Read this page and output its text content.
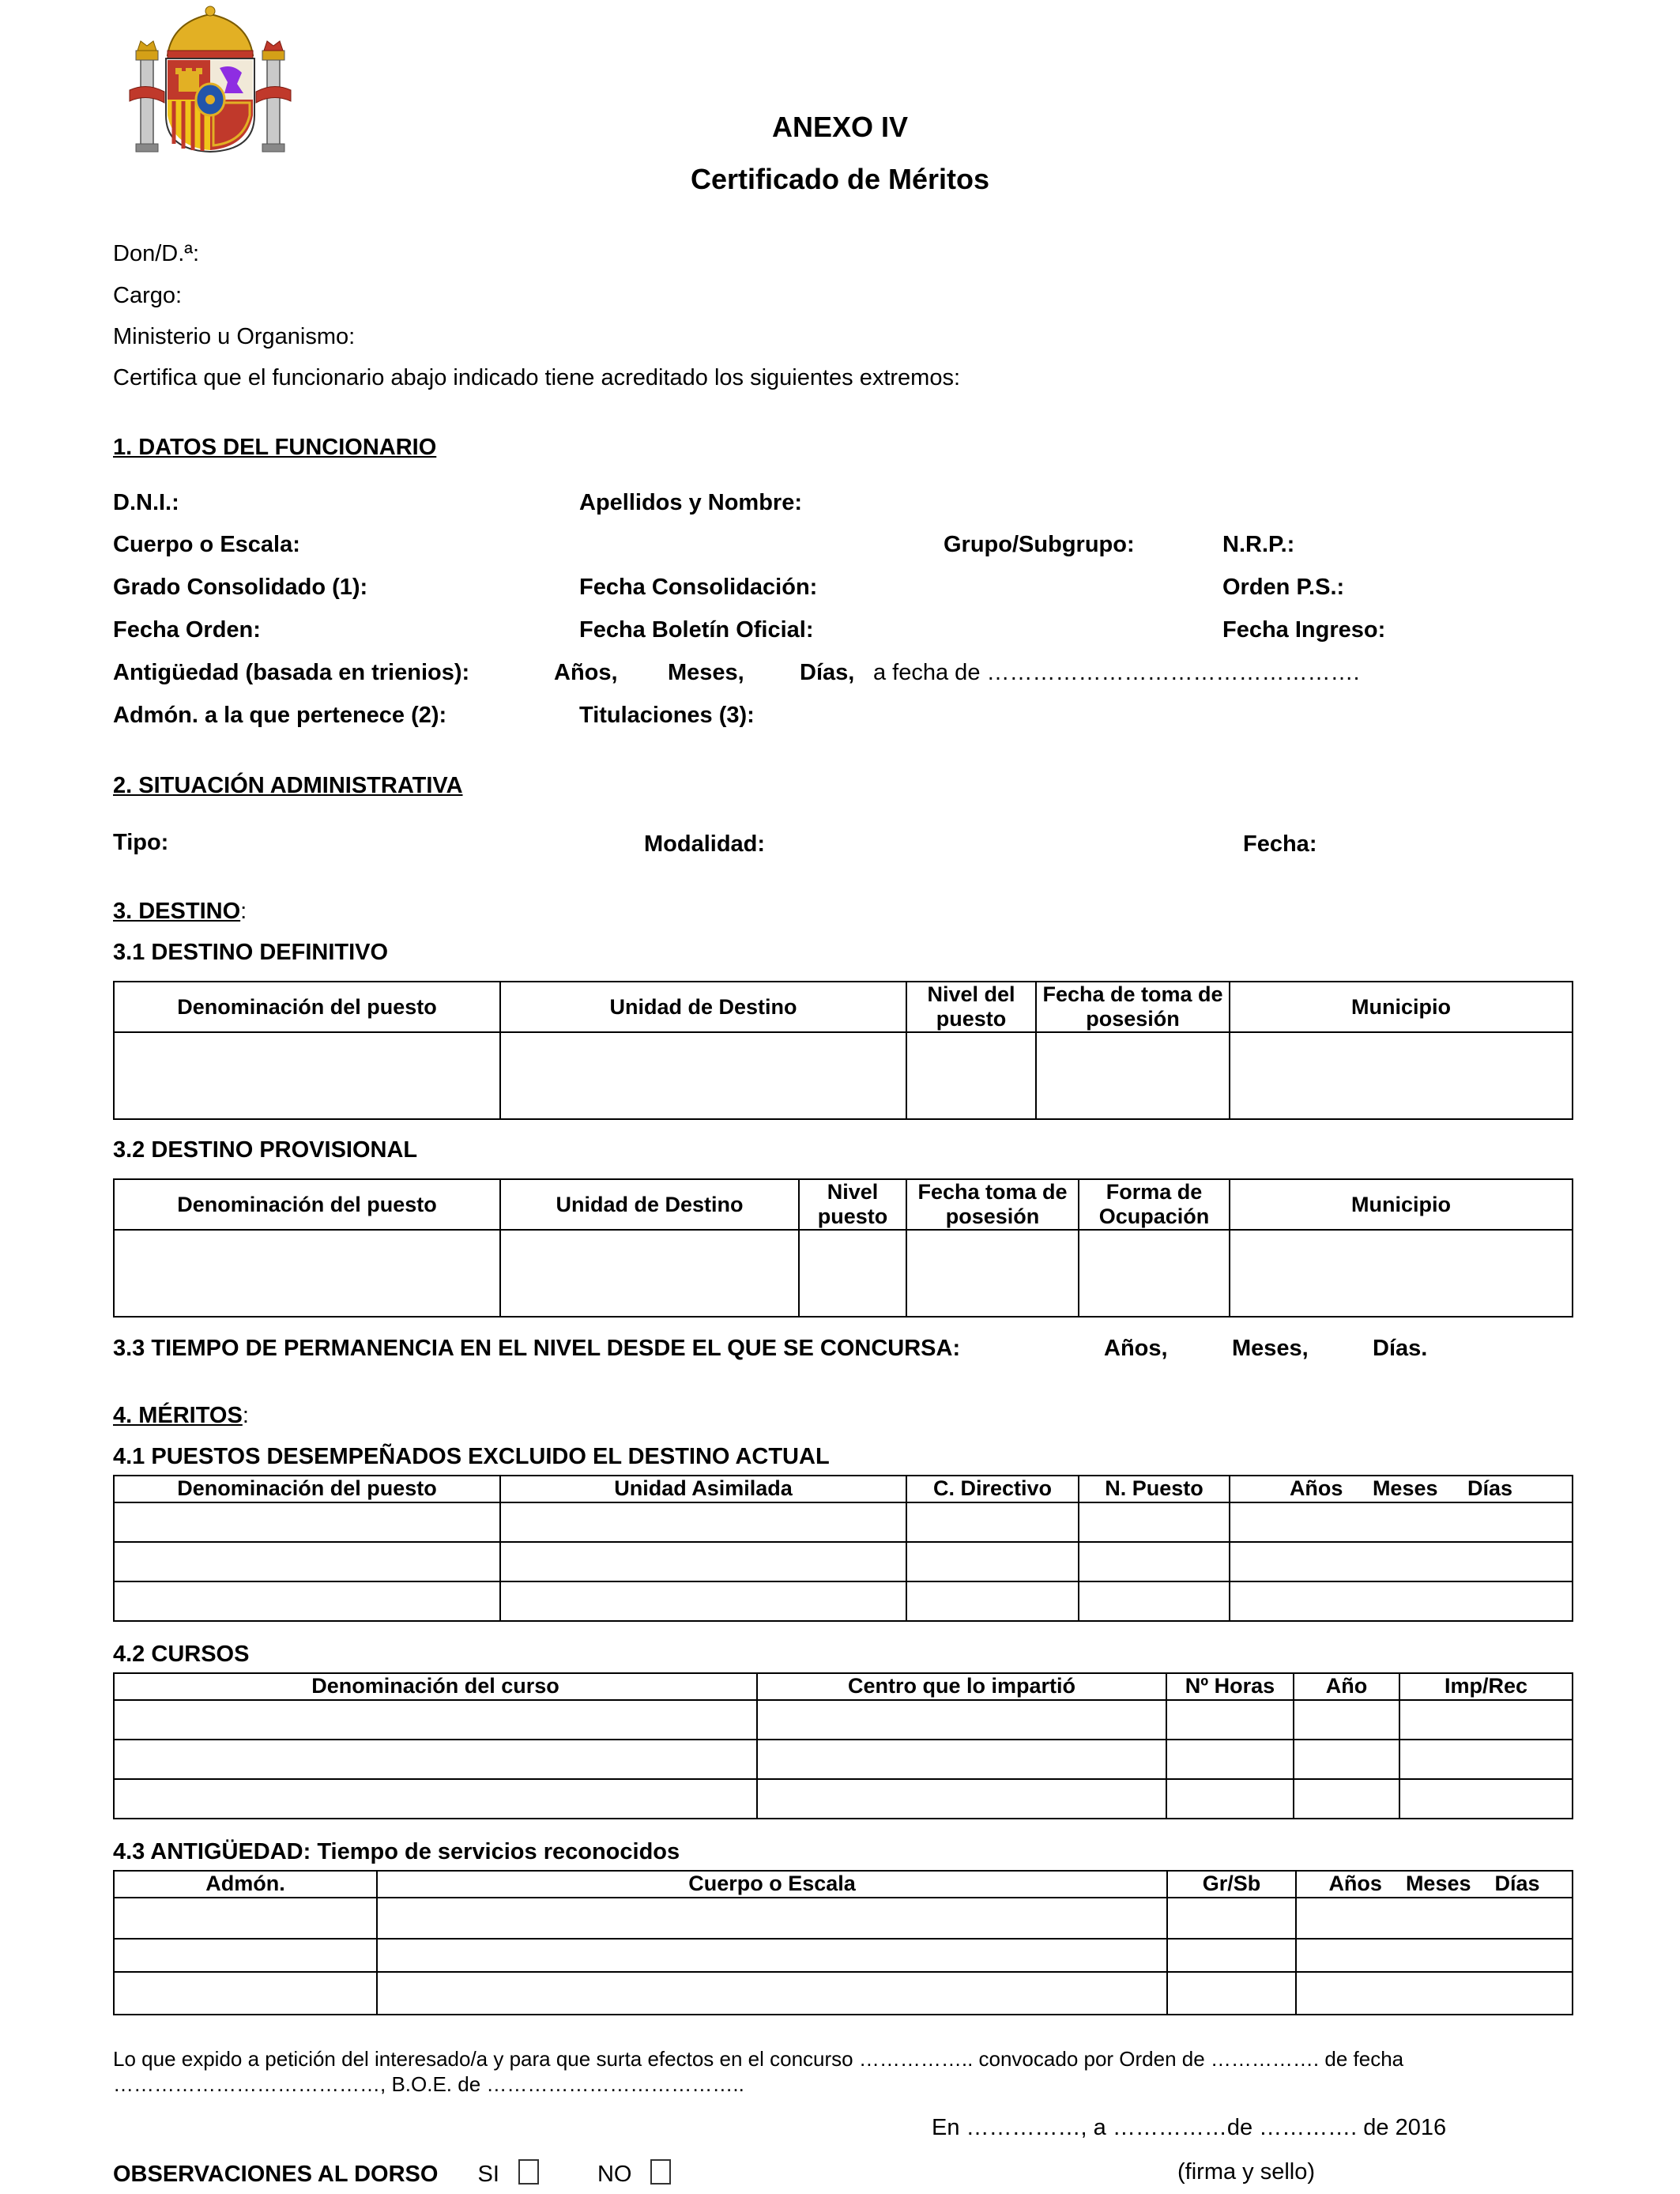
ANEXO IV
Certificado de Méritos
Don/D.ª:
Cargo:
Ministerio u Organismo:
Certifica que el funcionario abajo indicado tiene acreditado los siguientes extremos:
1. DATOS DEL FUNCIONARIO
D.N.I.:	Apellidos y Nombre:
Cuerpo o Escala:	Grupo/Subgrupo:	N.R.P.:
Grado Consolidado (1):	Fecha Consolidación:	Orden P.S.:
Fecha Orden:	Fecha Boletín Oficial:	Fecha Ingreso:
Antigüedad (basada en trienios):	Años, Meses, Días, a fecha de ………………………………………….
Admón. a la que pertenece (2):	Titulaciones (3):
2. SITUACIÓN ADMINISTRATIVA
Tipo:	Modalidad:	Fecha:
3. DESTINO:
3.1 DESTINO DEFINITIVO
Denominación del puesto	Unidad de Destino	Nivel del puesto	Fecha de toma de posesión	Municipio

3.2 DESTINO PROVISIONAL
Denominación del puesto	Unidad de Destino	Nivel puesto	Fecha toma de posesión	Forma de Ocupación	Municipio

3.3 TIEMPO DE PERMANENCIA EN EL NIVEL DESDE EL QUE SE CONCURSA:	Años,	Meses,	Días.
4. MÉRITOS:
4.1 PUESTOS DESEMPEÑADOS EXCLUIDO EL DESTINO ACTUAL
Denominación del puesto	Unidad Asimilada	C. Directivo	N. Puesto	Años     Meses     Días

4.2 CURSOS
Denominación del curso	Centro que lo impartió	Nº Horas	Año	Imp/Rec

4.3 ANTIGÜEDAD: Tiempo de servicios reconocidos
Admón.	Cuerpo o Escala	Gr/Sb	Años    Meses    Días

Lo que expido a petición del interesado/a y para que surta efectos en el concurso …………….. convocado por Orden de ……………. de fecha
…………………………………, B.O.E. de ………………………………..
En ……………, a ……………de …………. de 2016
OBSERVACIONES AL DORSO SI	NO	(firma y sello)
